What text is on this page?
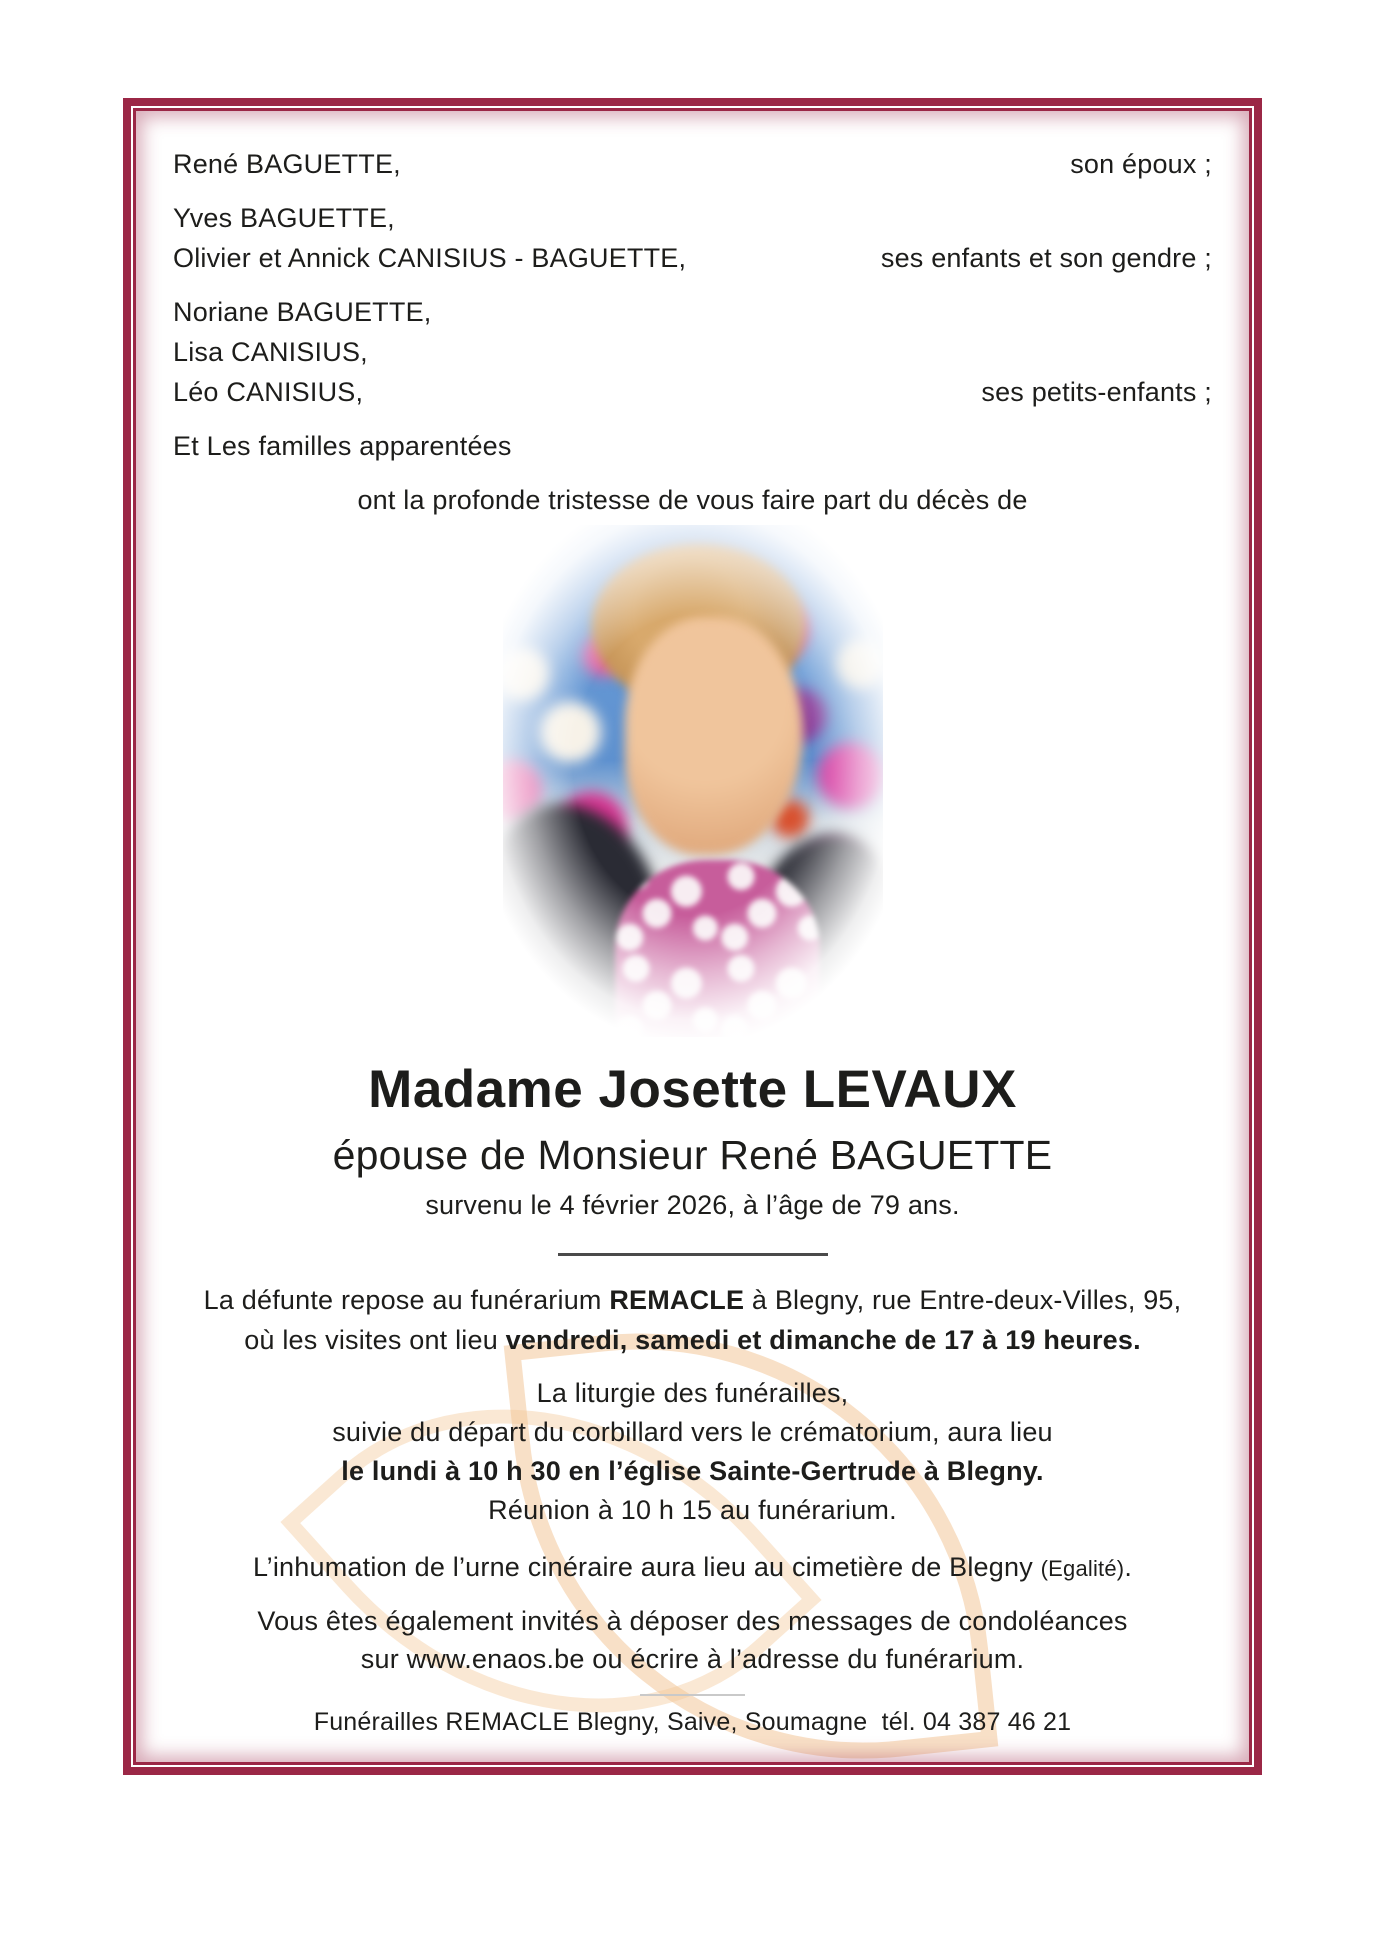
René BAGUETTE,	son époux ;
Yves BAGUETTE,
Olivier et Annick CANISIUS - BAGUETTE,	ses enfants et son gendre ;
Noriane BAGUETTE,
Lisa CANISIUS,
Léo CANISIUS,	ses petits-enfants ;
Et Les familles apparentées
ont la profonde tristesse de vous faire part du décès de
Madame Josette LEVAUX
épouse de Monsieur René BAGUETTE
survenu le 4 février 2026, à l’âge de 79 ans.
La défunte repose au funérarium REMACLE à Blegny, rue Entre-deux-Villes, 95,
où les visites ont lieu vendredi, samedi et dimanche de 17 à 19 heures.
La liturgie des funérailles,
suivie du départ du corbillard vers le crématorium, aura lieu
le lundi à 10 h 30 en l’église Sainte-Gertrude à Blegny.
Réunion à 10 h 15 au funérarium.
L’inhumation de l’urne cinéraire aura lieu au cimetière de Blegny (Egalité).
Vous êtes également invités à déposer des messages de condoléances
sur www.enaos.be ou écrire à l’adresse du funérarium.
Funérailles REMACLE Blegny, Saive, Soumagne  tél. 04 387 46 21
